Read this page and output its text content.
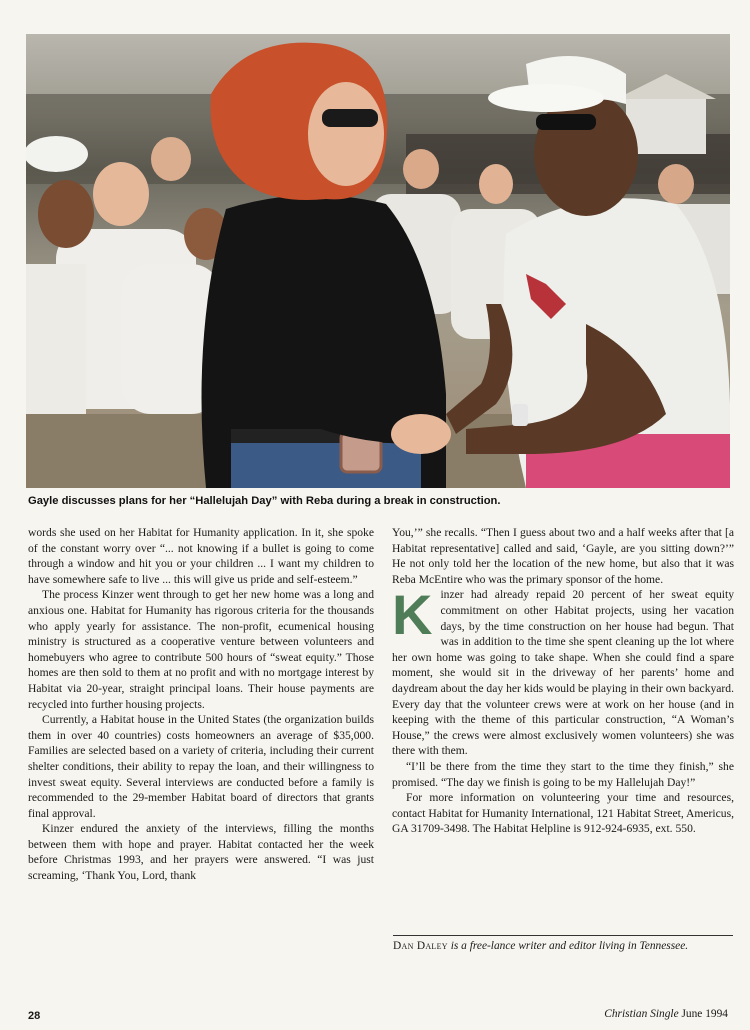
Gayle discusses plans for her “Hallelujah Day” with Reba during a break in construction.

words she used on her Habitat for Humanity application. In it, she spoke of the constant worry over “... not knowing if a bullet is going to come through a window and hit you or your children ... I want my children to have somewhere safe to live ... this will give us pride and self-esteem.”

The process Kinzer went through to get her new home was a long and anxious one. Habitat for Humanity has rigorous criteria for the thousands who apply yearly for assistance. The non-profit, ecumenical housing ministry is structured as a cooperative venture between volunteers and homebuyers who agree to contribute 500 hours of “sweat equity.” Those homes are then sold to them at no profit and with no mortgage interest by Habitat via 20-year, straight principal loans. Their house payments are recycled into further housing projects.

Currently, a Habitat house in the United States (the organization builds them in over 40 countries) costs homeowners an average of $35,000. Families are selected based on a variety of criteria, including their current shelter conditions, their ability to repay the loan, and their willingness to invest sweat equity. Several interviews are conducted before a family is recommended to the 29-member Habitat board of directors that grants final approval.

Kinzer endured the anxiety of the interviews, filling the months between them with hope and prayer. Habitat contacted her the week before Christmas 1993, and her prayers were answered. “I was just screaming, ‘Thank You, Lord, thank

You,’” she recalls. “Then I guess about two and a half weeks after that [a Habitat representative] called and said, ‘Gayle, are you sitting down?’” He not only told her the location of the new home, but also that it was Reba McEntire who was the primary sponsor of the home.

Kinzer had already repaid 20 percent of her sweat equity commitment on other Habitat projects, using her vacation days, by the time construction on her house had begun. That was in addition to the time she spent cleaning up the lot where her own home was going to take shape. When she could find a spare moment, she would sit in the driveway of her parents’ home and daydream about the day her kids would be playing in their own backyard. Every day that the volunteer crews were at work on her house (and in keeping with the theme of this particular construction, “A Woman’s House,” the crews were almost exclusively women volunteers) she was there with them.

“I’ll be there from the time they start to the time they finish,” she promised. “The day we finish is going to be my Hallelujah Day!”

For more information on volunteering your time and resources, contact Habitat for Humanity International, 121 Habitat Street, Americus, GA 31709-3498. The Habitat Helpline is 912-924-6935, ext. 550.

Dan Daley is a free-lance writer and editor living in Tennessee.
28	Christian Single June 1994
